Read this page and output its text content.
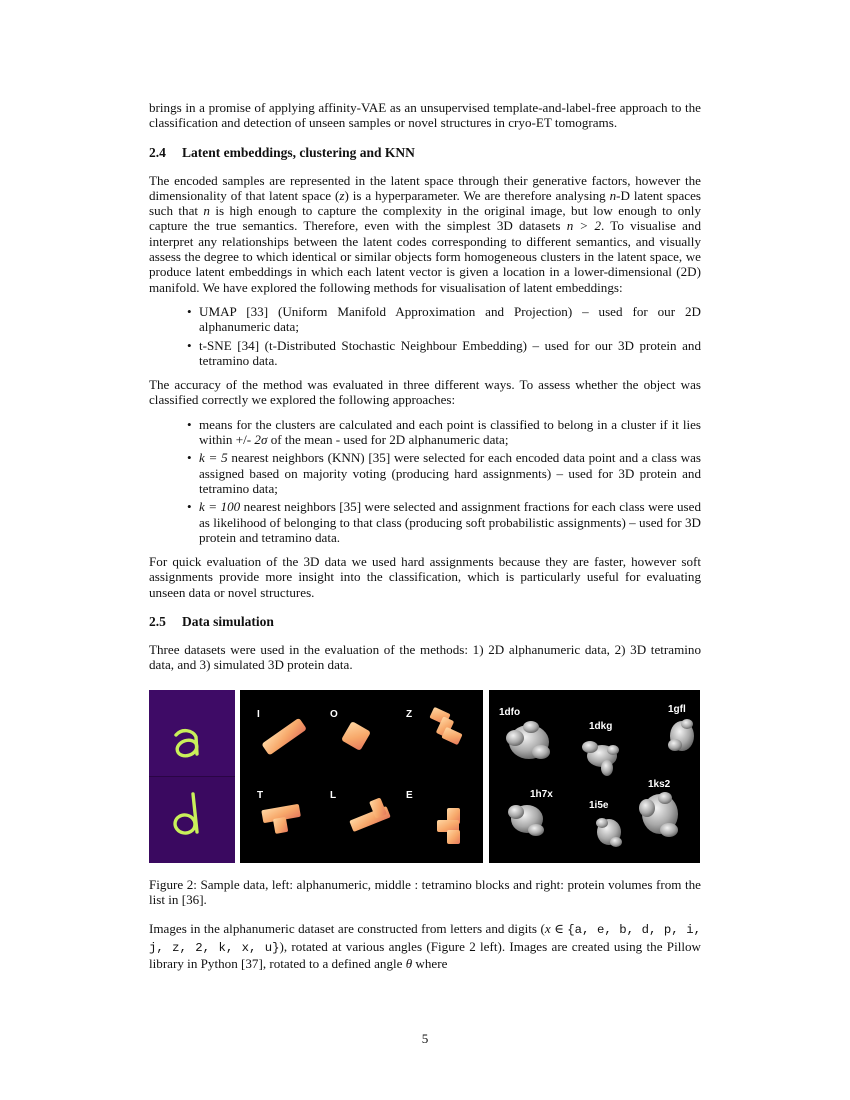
brings in a promise of applying affinity-VAE as an unsupervised template-and-label-free approach to the classification and detection of unseen samples or novel structures in cryo-ET tomograms.

2.4 Latent embeddings, clustering and KNN

The encoded samples are represented in the latent space through their generative factors, however the dimensionality of that latent space (z) is a hyperparameter. We are therefore analysing n-D latent spaces such that n is high enough to capture the complexity in the original image, but low enough to only capture the true semantics. Therefore, even with the simplest 3D datasets n > 2. To visualise and interpret any relationships between the latent codes corresponding to different semantics, and visually assess the degree to which identical or similar objects form homogeneous clusters in the latent space, we produce latent embeddings in which each latent vector is given a location in a lower-dimensional (2D) manifold. We have explored the following methods for visualisation of latent embeddings:

• UMAP [33] (Uniform Manifold Approximation and Projection) – used for our 2D alphanumeric data;
• t-SNE [34] (t-Distributed Stochastic Neighbour Embedding) – used for our 3D protein and tetramino data.

The accuracy of the method was evaluated in three different ways. To assess whether the object was classified correctly we explored the following approaches:

• means for the clusters are calculated and each point is classified to belong in a cluster if it lies within +/- 2σ of the mean - used for 2D alphanumeric data;
• k = 5 nearest neighbors (KNN) [35] were selected for each encoded data point and a class was assigned based on majority voting (producing hard assignments) – used for 3D protein and tetramino data;
• k = 100 nearest neighbors [35] were selected and assignment fractions for each class were used as likelihood of belonging to that class (producing soft probabilistic assignments) – used for 3D protein and tetramino data.

For quick evaluation of the 3D data we used hard assignments because they are faster, however soft assignments provide more insight into the classification, which is particularly useful for evaluating unseen data or novel structures.

2.5 Data simulation

Three datasets were used in the evaluation of the methods: 1) 2D alphanumeric data, 2) 3D tetramino data, and 3) simulated 3D protein data.

I	O	Z
T	L	E
1dfo
1dkg
1gfl
1h7x
1i5e
1ks2

Figure 2: Sample data, left: alphanumeric, middle : tetramino blocks and right: protein volumes from the list in [36].

Images in the alphanumeric dataset are constructed from letters and digits (x ∈ {a, e, b, d, p, i, j, z, 2, k, x, u}), rotated at various angles (Figure 2 left). Images are created using the Pillow library in Python [37], rotated to a defined angle θ where

5
